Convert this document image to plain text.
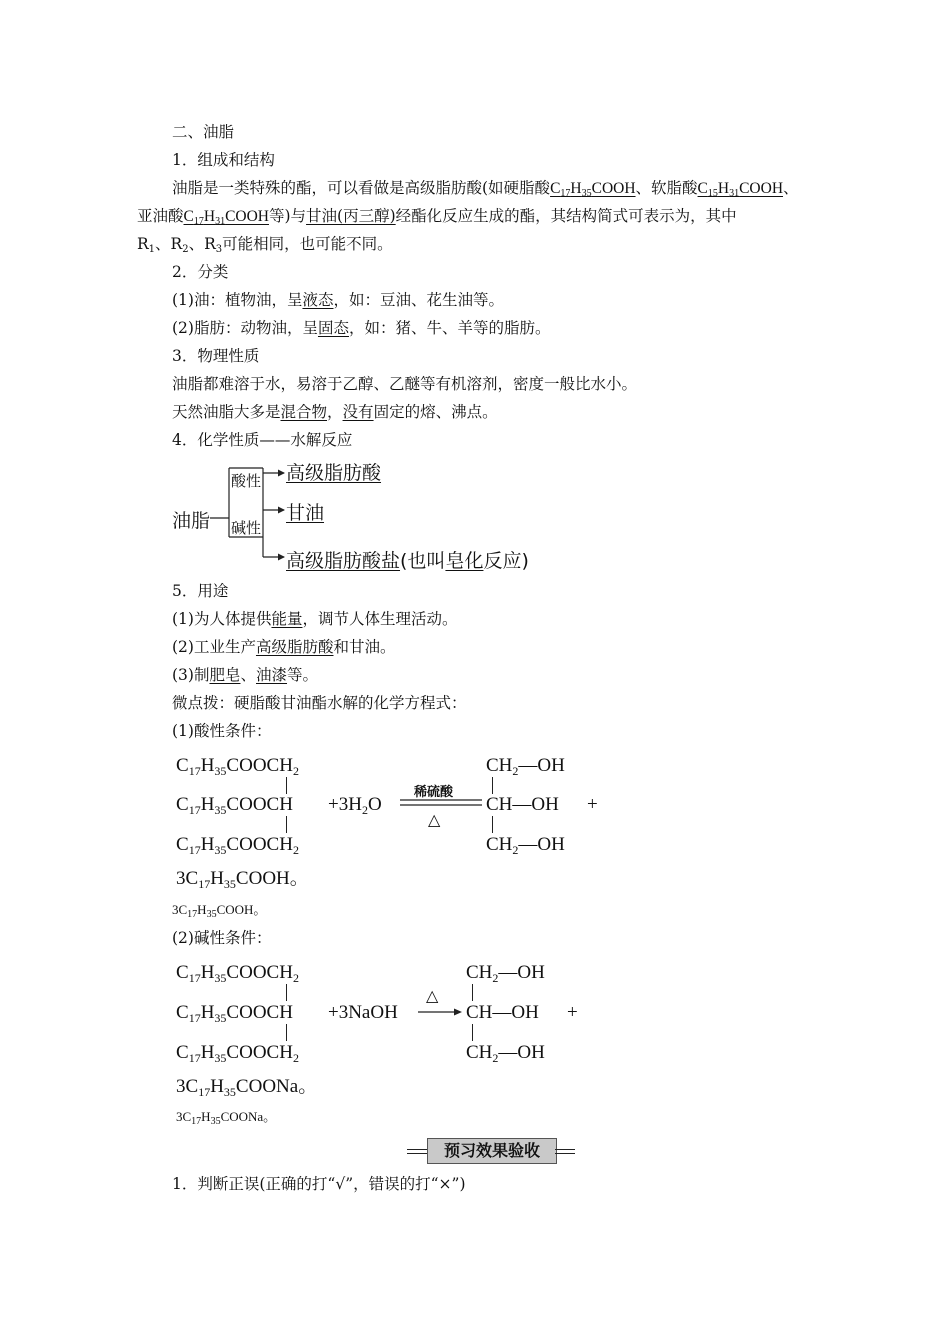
二、油脂
1．组成和结构
油脂是一类特殊的酯，可以看做是高级脂肪酸(如硬脂酸$C_{17}H_{35}COOH$、软脂酸$C_{15}H_{31}COOH$、
亚油酸$C_{17}H_{31}COOH$等)与甘油(丙三醇)经酯化反应生成的酯，其结构简式可表示为，其中
$R_1$、$R_2$、$R_3$可能相同，也可能不同。
2．分类
(1)油：植物油，呈液态，如：豆油、花生油等。
(2)脂肪：动物油，呈固态，如：猪、牛、羊等的脂肪。
3．物理性质
油脂都难溶于水，易溶于乙醇、乙醚等有机溶剂，密度一般比水小。
天然油脂大多是混合物，没有固定的熔、沸点。
4．化学性质——水解反应
油脂
酸性
碱性
高级脂肪酸
甘油
高级脂肪酸盐(也叫皂化反应)
5．用途
(1)为人体提供能量，调节人体生理活动。
(2)工业生产高级脂肪酸和甘油。
(3)制肥皂、油漆等。
微点拨：硬脂酸甘油酯水解的化学方程式：
(1)酸性条件：
$C_{17}H_{35}COOCH_2$
$C_{17}H_{35}COOCH$
$C_{17}H_{35}COOCH_2$
$+3H_2O$
稀硫酸
△
$CH_2—OH$
CH—OH
$CH_2—OH$
+
$3C_{17}H_{35}COOH$。
$3C_{17}H_{35}COOH$。
(2)碱性条件：
$C_{17}H_{35}COOCH_2$
$C_{17}H_{35}COOCH$
$C_{17}H_{35}COOCH_2$
+3NaOH
△
$CH_2—OH$
CH—OH
$CH_2—OH$
+
$3C_{17}H_{35}COONa$。
$3C_{17}H_{35}COONa$。
预习效果验收
1．判断正误(正确的打“√”，错误的打“×”)
